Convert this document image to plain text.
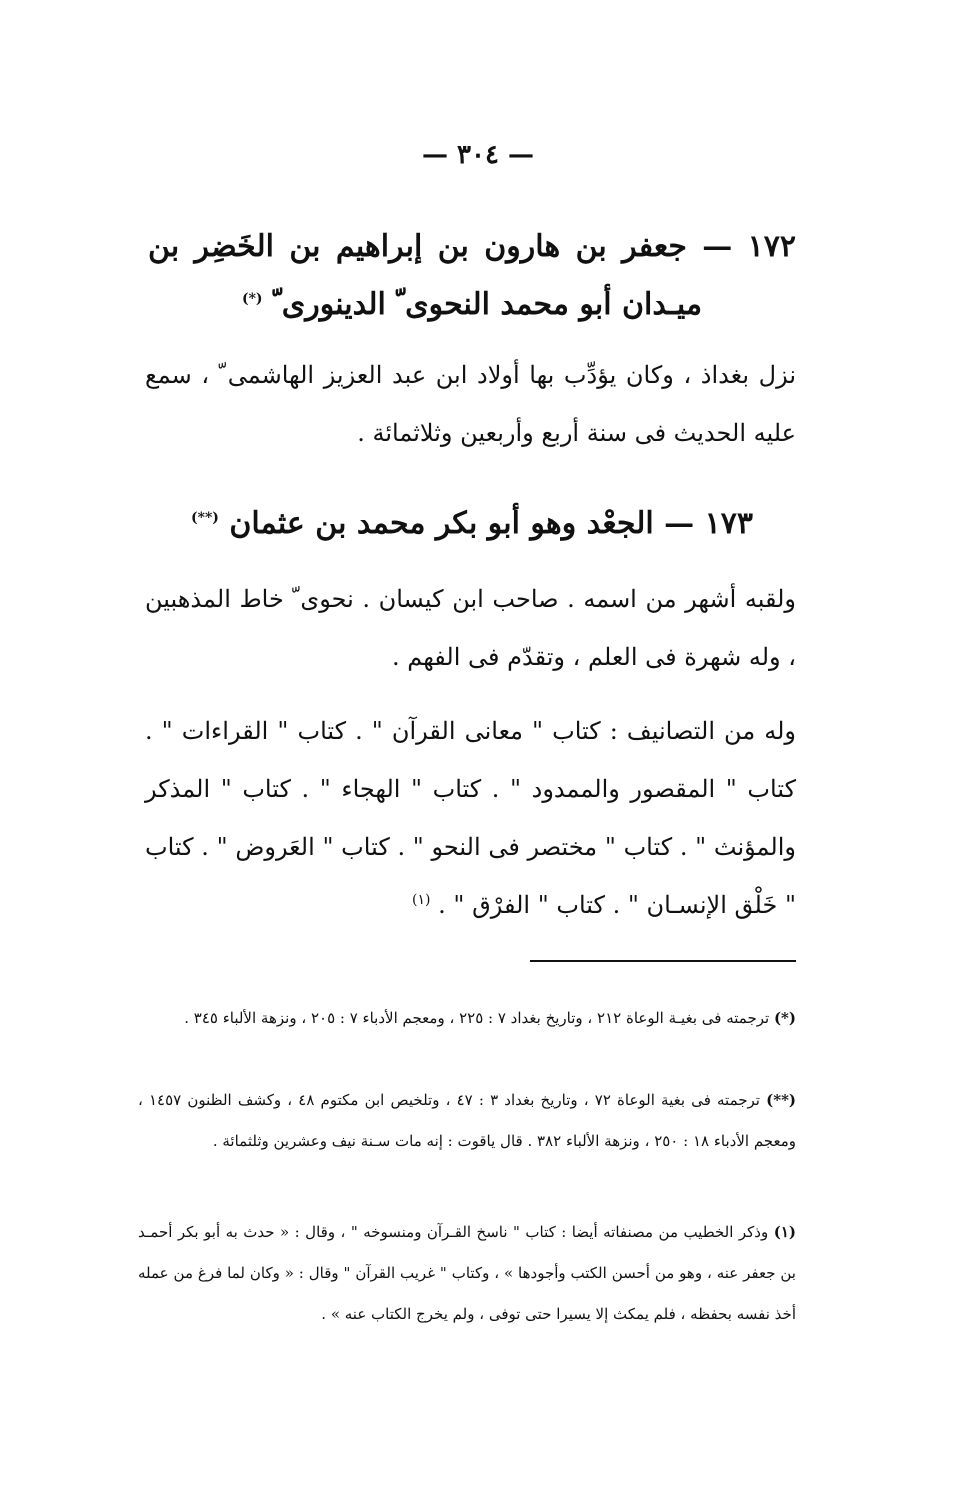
— ٣٠٤ —
١٧٢ — جعفر بن هارون بن إبراهيم بن الخَضِر بن ميـدان أبو محمد النحوى ّ الدينورى ّ (*)
نزل بغداذ ، وكان يؤدِّب بها أولاد ابن عبد العزيز الهاشمى ّ ، سمع عليه الحديث فى سنة أربع وأربعين وثلاثمائة .
١٧٣ — الجعْد وهو أبو بكر محمد بن عثمان (**)
ولقبه أشهر من اسمه . صاحب ابن كيسان . نحوى ّ خاط المذهبين ، وله شهرة فى العلم ، وتقدّم فى الفهم .
وله من التصانيف : كتاب " معانى القرآن " . كتاب " القراءات " . كتاب " المقصور والممدود " . كتاب " الهجاء " . كتاب " المذكر والمؤنث " . كتاب " مختصر فى النحو " . كتاب " العَروض " . كتاب " خَلْق الإنسـان " . كتاب " الفرْق " . $^{(١)}$
(*) ترجمته فى بغيـة الوعاة ٢١٢ ، وتاريخ بغداد ٧ : ٢٢٥ ، ومعجم الأدباء ٧ : ٢٠٥ ، ونزهة الألباء ٣٤٥ .
(**) ترجمته فى بغية الوعاة ٧٢ ، وتاريخ بغداد ٣ : ٤٧ ، وتلخيص ابن مكتوم ٤٨ ، وكشف الظنون ١٤٥٧ ، ومعجم الأدباء ١٨ : ٢٥٠ ، ونزهة الألباء ٣٨٢ . قال ياقوت : إنه مات سـنة نيف وعشرين وثلثمائة .
(١) وذكر الخطيب من مصنفاته أيضا : كتاب " ناسخ القـرآن ومنسوخه " ، وقال : « حدث به أبو بكر أحمـد بن جعفر عنه ، وهو من أحسن الكتب وأجودها » ، وكتاب " غريب القرآن " وقال : « وكان لما فرغ من عمله أخذ نفسه بحفظه ، فلم يمكث إلا يسيرا حتى توفى ، ولم يخرج الكتاب عنه » .
